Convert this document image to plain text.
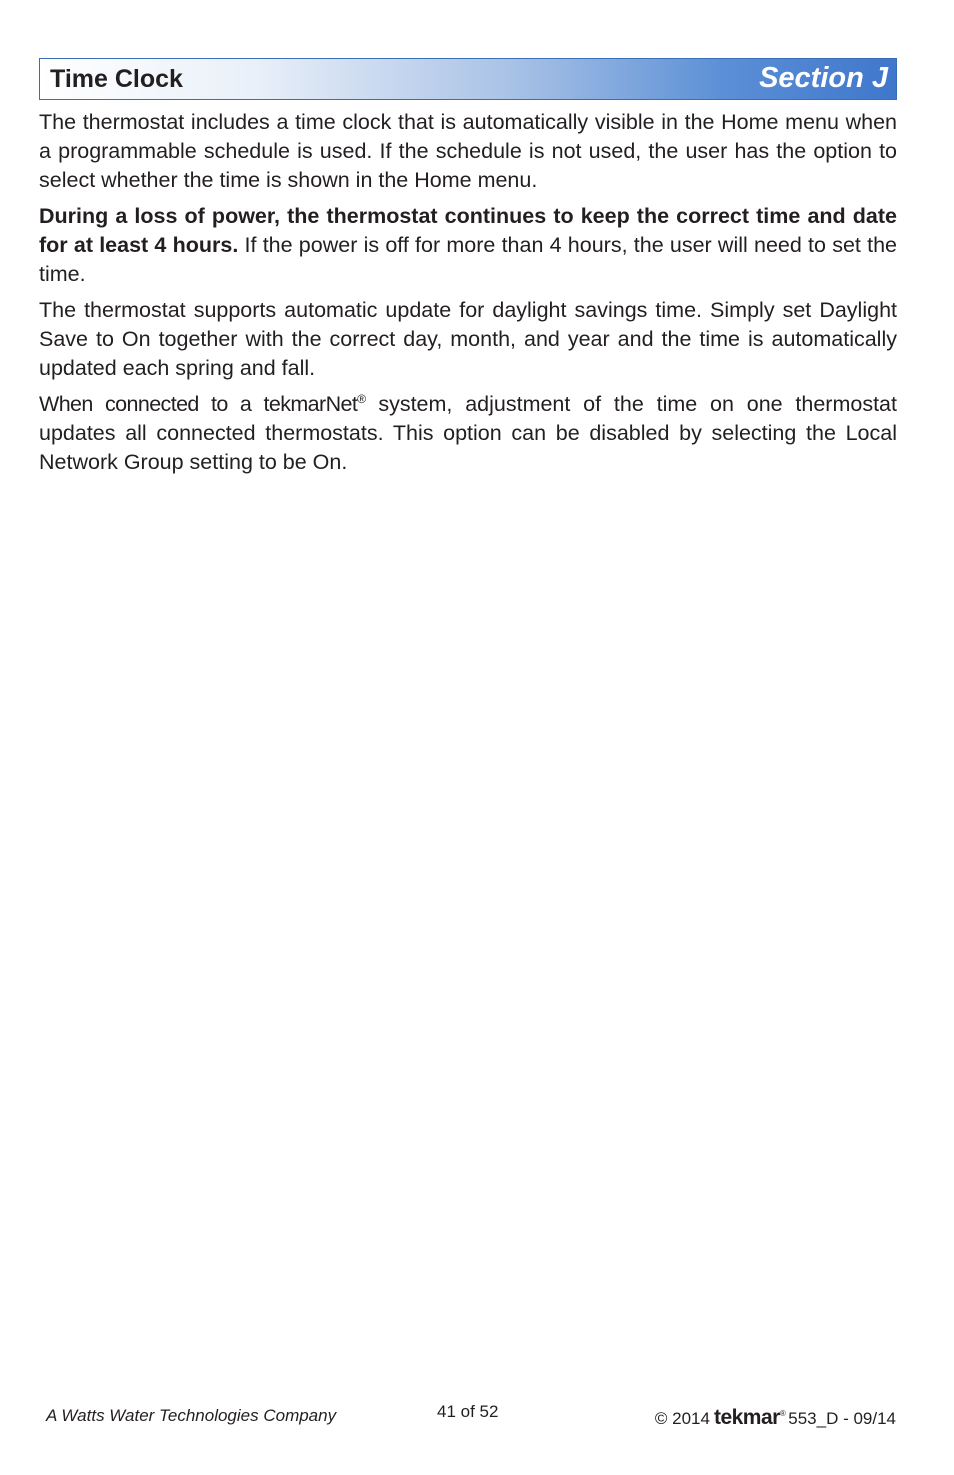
Time Clock	Section J

The thermostat includes a time clock that is automatically visible in the Home menu when a programmable schedule is used. If the schedule is not used, the user has the option to select whether the time is shown in the Home menu.

During a loss of power, the thermostat continues to keep the correct time and date for at least 4 hours. If the power is off for more than 4 hours, the user will need to set the time.

The thermostat supports automatic update for daylight savings time. Simply set Daylight Save to On together with the correct day, month, and year and the time is automatically updated each spring and fall.

When connected to a tekmarNet® system, adjustment of the time on one thermostat updates all connected thermostats. This option can be disabled by selecting the Local Network Group setting to be On.

A Watts Water Technologies Company	41 of 52	© 2014 tekmar® 553_D - 09/14
